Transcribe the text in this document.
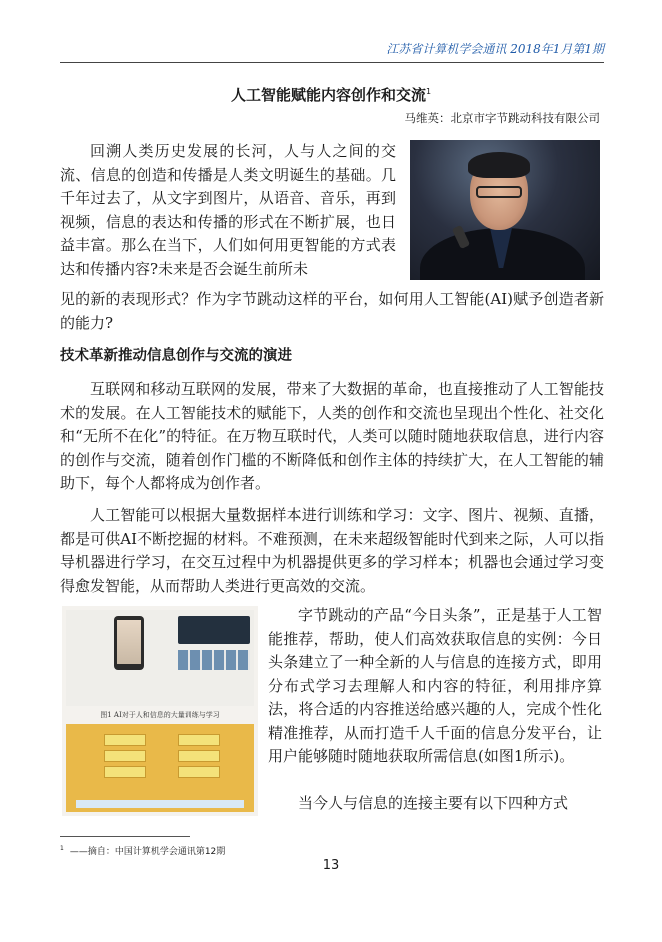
江苏省计算机学会通讯 2018年1月第1期
人工智能赋能内容创作和交流$^1$
马维英：北京市字节跳动科技有限公司

回溯人类历史发展的长河，人与人之间的交流、信息的创造和传播是人类文明诞生的基础。几千年过去了，从文字到图片，从语音、音乐，再到视频，信息的表达和传播的形式在不断扩展，也日益丰富。那么在当下，人们如何用更智能的方式表达和传播内容?未来是否会诞生前所未

见的新的表现形式？作为字节跳动这样的平台，如何用人工智能(AI)赋予创造者新的能力?

技术革新推动信息创作与交流的演进

互联网和移动互联网的发展，带来了大数据的革命，也直接推动了人工智能技术的发展。在人工智能技术的赋能下，人类的创作和交流也呈现出个性化、社交化和“无所不在化”的特征。在万物互联时代，人类可以随时随地获取信息，进行内容的创作与交流，随着创作门槛的不断降低和创作主体的持续扩大，在人工智能的辅助下，每个人都将成为创作者。

人工智能可以根据大量数据样本进行训练和学习：文字、图片、视频、直播，都是可供AI不断挖掘的材料。不难预测，在未来超级智能时代到来之际，人可以指导机器进行学习，在交互过程中为机器提供更多的学习样本；机器也会通过学习变得愈发智能，从而帮助人类进行更高效的交流。

图1 AI对于人和信息的大量训练与学习

字节跳动的产品“今日头条”，正是基于人工智能推荐，帮助，使人们高效获取信息的实例：今日头条建立了一种全新的人与信息的连接方式，即用分布式学习去理解人和内容的特征，利用排序算法，将合适的内容推送给感兴趣的人，完成个性化精准推荐，从而打造千人千面的信息分发平台，让用户能够随时随地获取所需信息(如图1所示)。

当今人与信息的连接主要有以下四种方式

$^1$ ——摘自：中国计算机学会通讯第12期
13
